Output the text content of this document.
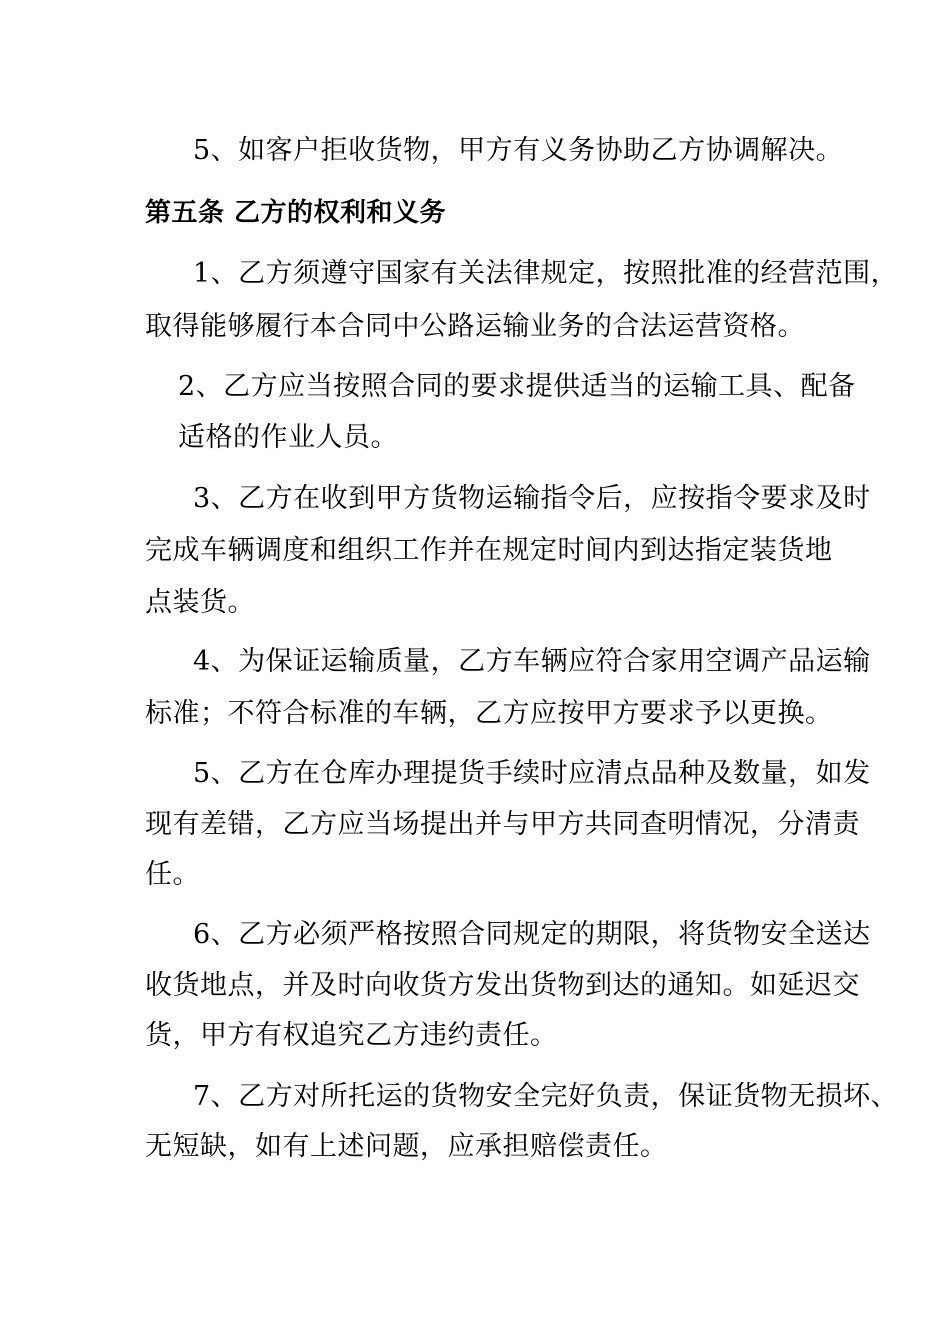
5、如客户拒收货物，甲方有义务协助乙方协调解决。
第五条 乙方的权利和义务
1、乙方须遵守国家有关法律规定，按照批准的经营范围，
取得能够履行本合同中公路运输业务的合法运营资格。
2、乙方应当按照合同的要求提供适当的运输工具、配备
适格的作业人员。
3、乙方在收到甲方货物运输指令后，应按指令要求及时
完成车辆调度和组织工作并在规定时间内到达指定装货地
点装货。
4、为保证运输质量，乙方车辆应符合家用空调产品运输
标准；不符合标准的车辆，乙方应按甲方要求予以更换。
5、乙方在仓库办理提货手续时应清点品种及数量，如发
现有差错，乙方应当场提出并与甲方共同查明情况，分清责
任。
6、乙方必须严格按照合同规定的期限，将货物安全送达
收货地点，并及时向收货方发出货物到达的通知。如延迟交
货，甲方有权追究乙方违约责任。
7、乙方对所托运的货物安全完好负责，保证货物无损坏、
无短缺，如有上述问题，应承担赔偿责任。
